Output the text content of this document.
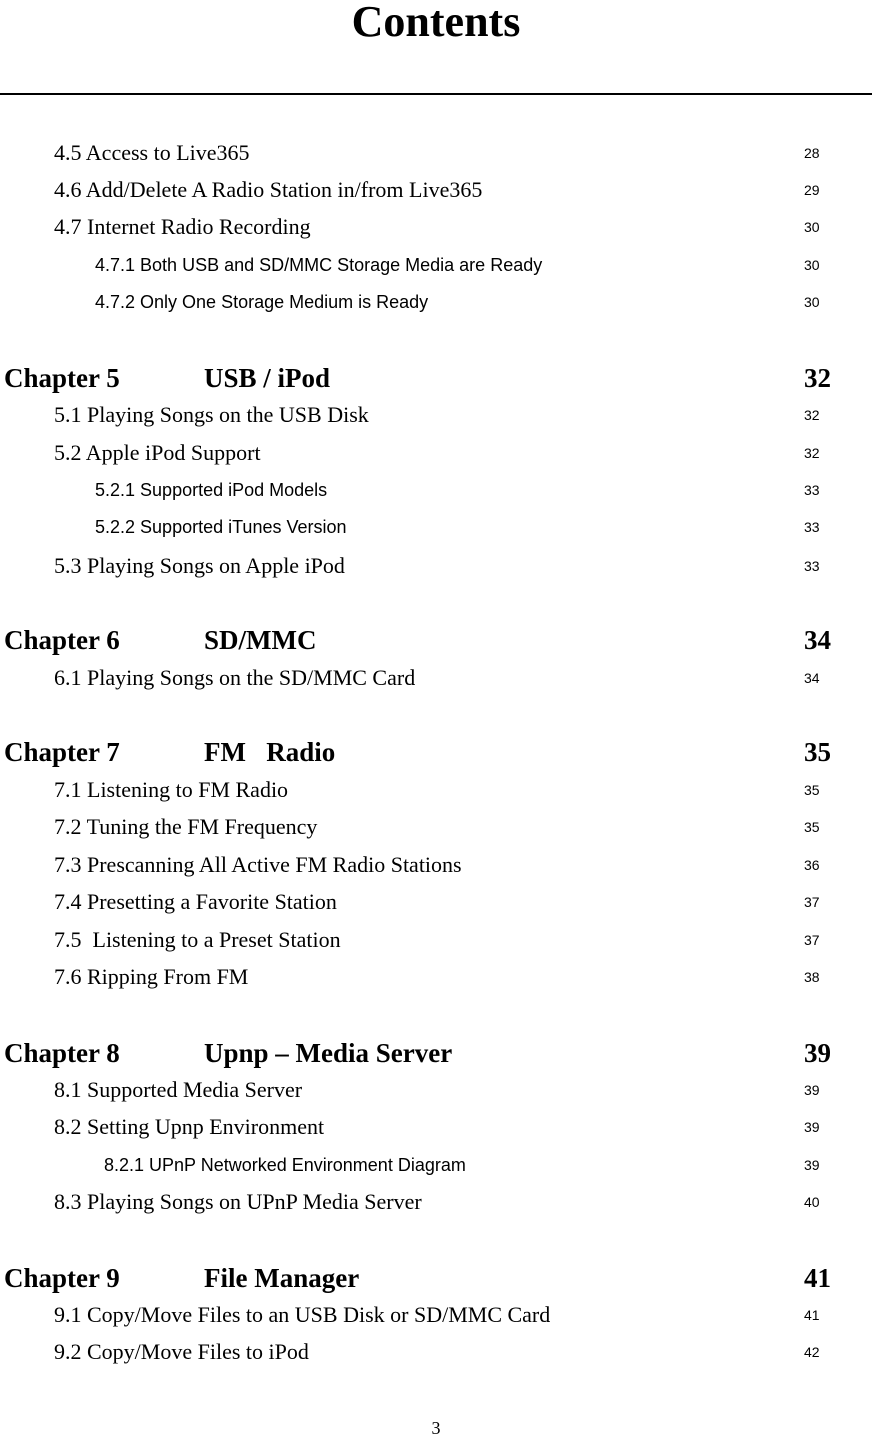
Contents
4.5 Access to Live365	28
4.6 Add/Delete A Radio Station in/from Live365	29
4.7 Internet Radio Recording	30
4.7.1 Both USB and SD/MMC Storage Media are Ready	30
4.7.2 Only One Storage Medium is Ready	30
Chapter 5	USB / iPod	32
5.1 Playing Songs on the USB Disk	32
5.2 Apple iPod Support	32
5.2.1 Supported iPod Models	33
5.2.2 Supported iTunes Version	33
5.3 Playing Songs on Apple iPod	33
Chapter 6	SD/MMC	34
6.1 Playing Songs on the SD/MMC Card	34
Chapter 7	FM   Radio	35
7.1 Listening to FM Radio	35
7.2 Tuning the FM Frequency	35
7.3 Prescanning All Active FM Radio Stations	36
7.4 Presetting a Favorite Station	37
7.5  Listening to a Preset Station	37
7.6 Ripping From FM	38
Chapter 8	Upnp – Media Server	39
8.1 Supported Media Server	39
8.2 Setting Upnp Environment	39
8.2.1 UPnP Networked Environment Diagram	39
8.3 Playing Songs on UPnP Media Server	40
Chapter 9	File Manager	41
9.1 Copy/Move Files to an USB Disk or SD/MMC Card	41
9.2 Copy/Move Files to iPod	42
3
